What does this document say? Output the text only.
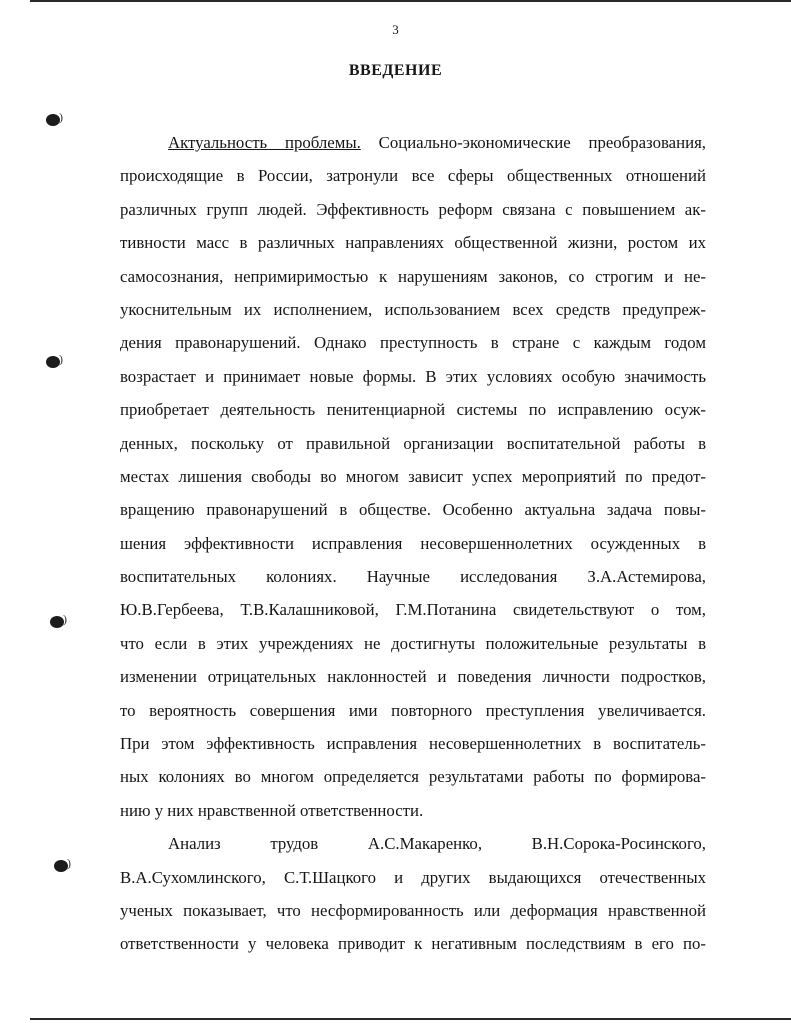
)
)
)
)
3
ВВЕДЕНИЕ
Актуальность проблемы. Социально-экономические преобразования,
происходящие в России, затронули все сферы общественных отношений
различных групп людей. Эффективность реформ связана с повышением ак-
тивности масс в различных направлениях общественной жизни, ростом их
самосознания, непримиримостью к нарушениям законов, со строгим и не-
укоснительным их исполнением, использованием всех средств предупреж-
дения правонарушений. Однако преступность в стране с каждым годом
возрастает и принимает новые формы. В этих условиях особую значимость
приобретает деятельность пенитенциарной системы по исправлению осуж-
денных, поскольку от правильной организации воспитательной работы в
местах лишения свободы во многом зависит успех мероприятий по предот-
вращению правонарушений в обществе. Особенно актуальна задача повы-
шения эффективности исправления несовершеннолетних осужденных в
воспитательных колониях. Научные исследования З.А.Астемирова,
Ю.В.Гербеева, Т.В.Калашниковой, Г.М.Потанина свидетельствуют о том,
что если в этих учреждениях не достигнуты положительные результаты в
изменении отрицательных наклонностей и поведения личности подростков,
то вероятность совершения ими повторного преступления увеличивается.
При этом эффективность исправления несовершеннолетних в воспитатель-
ных колониях во многом определяется результатами работы по формирова-
нию у них нравственной ответственности.
Анализ трудов А.С.Макаренко, В.Н.Сорока-Росинского,
В.А.Сухомлинского, С.Т.Шацкого и других выдающихся отечественных
ученых показывает, что несформированность или деформация нравственной
ответственности у человека приводит к негативным последствиям в его по-
